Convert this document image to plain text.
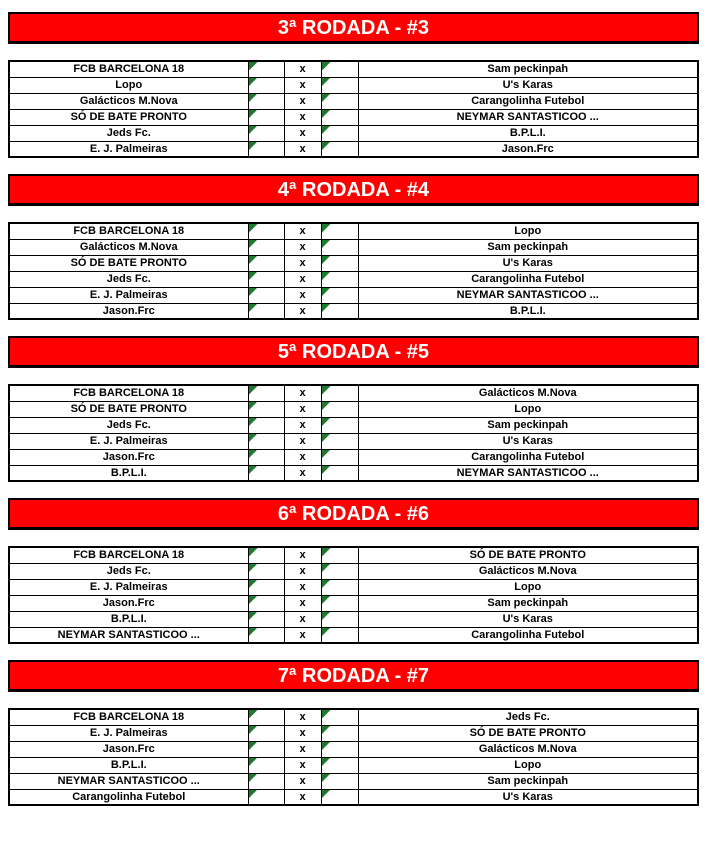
3ª RODADA - #3
FCB BARCELONA 18		x		Sam peckinpah
Lopo		x		U's Karas
Galácticos M.Nova		x		Carangolinha Futebol
SÓ DE BATE PRONTO		x		NEYMAR SANTASTICOO ...
Jeds Fc.		x		B.P.L.I.
E. J. Palmeiras		x		Jason.Frc
4ª RODADA - #4
FCB BARCELONA 18		x		Lopo
Galácticos M.Nova		x		Sam peckinpah
SÓ DE BATE PRONTO		x		U's Karas
Jeds Fc.		x		Carangolinha Futebol
E. J. Palmeiras		x		NEYMAR SANTASTICOO ...
Jason.Frc		x		B.P.L.I.
5ª RODADA - #5
FCB BARCELONA 18		x		Galácticos M.Nova
SÓ DE BATE PRONTO		x		Lopo
Jeds Fc.		x		Sam peckinpah
E. J. Palmeiras		x		U's Karas
Jason.Frc		x		Carangolinha Futebol
B.P.L.I.		x		NEYMAR SANTASTICOO ...
6ª RODADA - #6
FCB BARCELONA 18		x		SÓ DE BATE PRONTO
Jeds Fc.		x		Galácticos M.Nova
E. J. Palmeiras		x		Lopo
Jason.Frc		x		Sam peckinpah
B.P.L.I.		x		U's Karas
NEYMAR SANTASTICOO ...		x		Carangolinha Futebol
7ª RODADA - #7
FCB BARCELONA 18		x		Jeds Fc.
E. J. Palmeiras		x		SÓ DE BATE PRONTO
Jason.Frc		x		Galácticos M.Nova
B.P.L.I.		x		Lopo
NEYMAR SANTASTICOO ...		x		Sam peckinpah
Carangolinha Futebol		x		U's Karas
